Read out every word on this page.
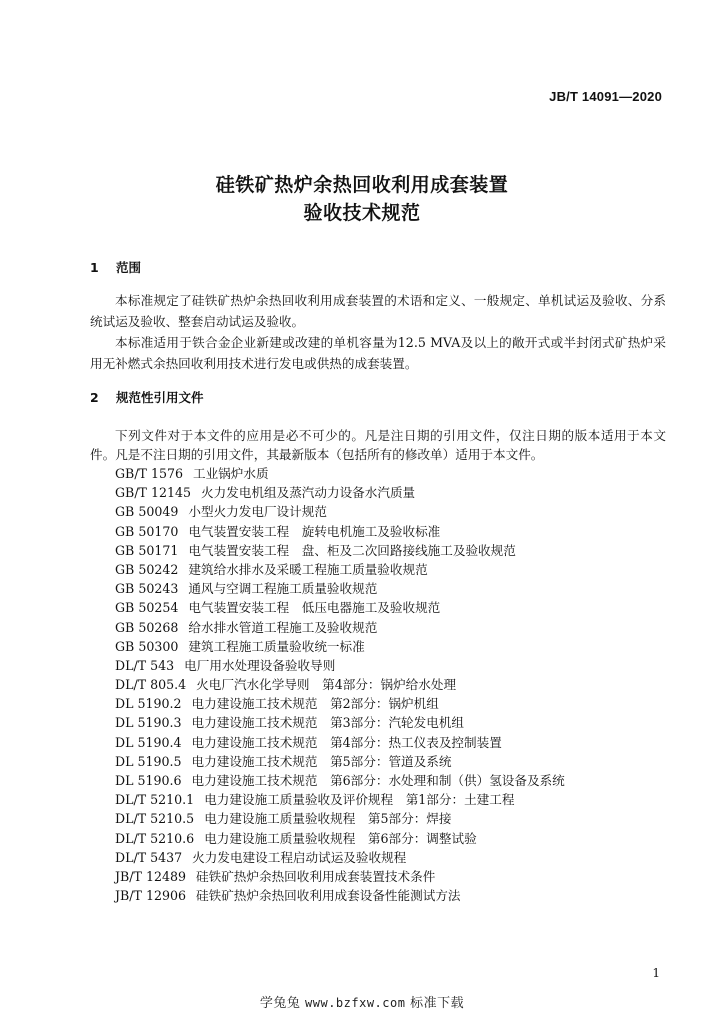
JB/T 14091—2020
硅铁矿热炉余热回收利用成套装置
验收技术规范
1 范围

本标准规定了硅铁矿热炉余热回收利用成套装置的术语和定义、一般规定、单机试运及验收、分系统试运及验收、整套启动试运及验收。

本标准适用于铁合金企业新建或改建的单机容量为12.5 MVA及以上的敞开式或半封闭式矿热炉采用无补燃式余热回收利用技术进行发电或供热的成套装置。

2 规范性引用文件

下列文件对于本文件的应用是必不可少的。凡是注日期的引用文件，仅注日期的版本适用于本文件。凡是不注日期的引用文件，其最新版本（包括所有的修改单）适用于本文件。

GB/T 1576 工业锅炉水质
GB/T 12145 火力发电机组及蒸汽动力设备水汽质量
GB 50049 小型火力发电厂设计规范
GB 50170 电气装置安装工程　旋转电机施工及验收标准
GB 50171 电气装置安装工程　盘、柜及二次回路接线施工及验收规范
GB 50242 建筑给水排水及采暖工程施工质量验收规范
GB 50243 通风与空调工程施工质量验收规范
GB 50254 电气装置安装工程　低压电器施工及验收规范
GB 50268 给水排水管道工程施工及验收规范
GB 50300 建筑工程施工质量验收统一标准
DL/T 543 电厂用水处理设备验收导则
DL/T 805.4 火电厂汽水化学导则　第4部分：锅炉给水处理
DL 5190.2 电力建设施工技术规范　第2部分：锅炉机组
DL 5190.3 电力建设施工技术规范　第3部分：汽轮发电机组
DL 5190.4 电力建设施工技术规范　第4部分：热工仪表及控制装置
DL 5190.5 电力建设施工技术规范　第5部分：管道及系统
DL 5190.6 电力建设施工技术规范　第6部分：水处理和制（供）氢设备及系统
DL/T 5210.1 电力建设施工质量验收及评价规程　第1部分：土建工程
DL/T 5210.5 电力建设施工质量验收规程　第5部分：焊接
DL/T 5210.6 电力建设施工质量验收规程　第6部分：调整试验
DL/T 5437 火力发电建设工程启动试运及验收规程
JB/T 12489 硅铁矿热炉余热回收利用成套装置技术条件
JB/T 12906 硅铁矿热炉余热回收利用成套设备性能测试方法
1
学兔兔 www.bzfxw.com 标准下载
